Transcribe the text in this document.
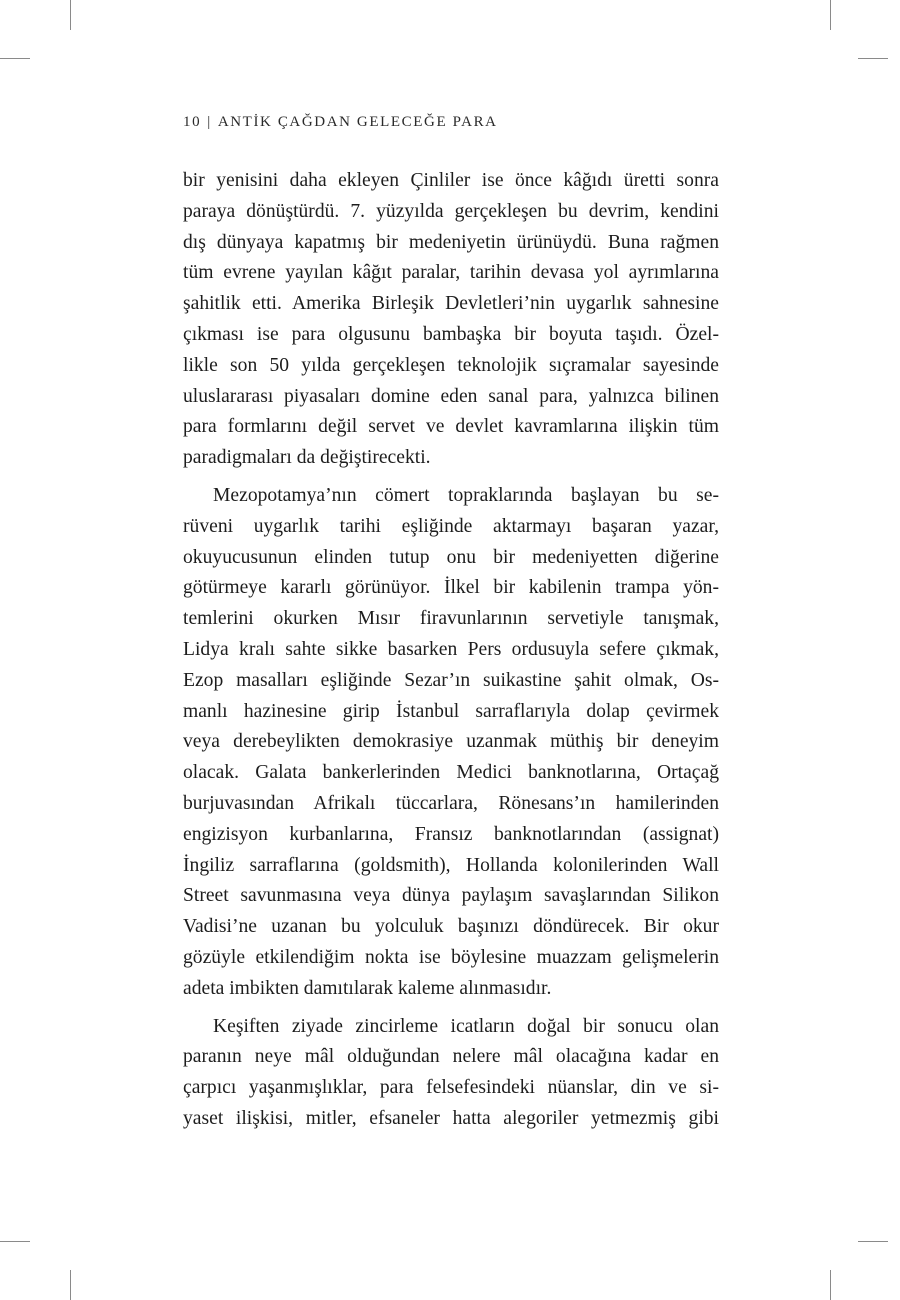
10 | ANTİK ÇAĞDAN GELECEĞE PARA

bir yenisini daha ekleyen Çinliler ise önce kâğıdı üretti sonra

paraya dönüştürdü. 7. yüzyılda gerçekleşen bu devrim, kendini

dış dünyaya kapatmış bir medeniyetin ürünüydü. Buna rağmen

tüm evrene yayılan kâğıt paralar, tarihin devasa yol ayrımlarına

şahitlik etti. Amerika Birleşik Devletleri’nin uygarlık sahnesine

çıkması ise para olgusunu bambaşka bir boyuta taşıdı. Özel-

likle son 50 yılda gerçekleşen teknolojik sıçramalar sayesinde

uluslararası piyasaları domine eden sanal para, yalnızca bilinen

para formlarını değil servet ve devlet kavramlarına ilişkin tüm

paradigmaları da değiştirecekti.

Mezopotamya’nın cömert topraklarında başlayan bu se-

rüveni uygarlık tarihi eşliğinde aktarmayı başaran yazar,

okuyucusunun elinden tutup onu bir medeniyetten diğerine

götürmeye kararlı görünüyor. İlkel bir kabilenin trampa yön-

temlerini okurken Mısır firavunlarının servetiyle tanışmak,

Lidya kralı sahte sikke basarken Pers ordusuyla sefere çıkmak,

Ezop masalları eşliğinde Sezar’ın suikastine şahit olmak, Os-

manlı hazinesine girip İstanbul sarraflarıyla dolap çevirmek

veya derebeylikten demokrasiye uzanmak müthiş bir deneyim

olacak. Galata bankerlerinden Medici banknotlarına, Ortaçağ

burjuvasından Afrikalı tüccarlara, Rönesans’ın hamilerinden

engizisyon kurbanlarına, Fransız banknotlarından (assignat)

İngiliz sarraflarına (goldsmith), Hollanda kolonilerinden Wall

Street savunmasına veya dünya paylaşım savaşlarından Silikon

Vadisi’ne uzanan bu yolculuk başınızı döndürecek. Bir okur

gözüyle etkilendiğim nokta ise böylesine muazzam gelişmelerin

adeta imbikten damıtılarak kaleme alınmasıdır.

Keşiften ziyade zincirleme icatların doğal bir sonucu olan

paranın neye mâl olduğundan nelere mâl olacağına kadar en

çarpıcı yaşanmışlıklar, para felsefesindeki nüanslar, din ve si-

yaset ilişkisi, mitler, efsaneler hatta alegoriler yetmezmiş gibi
